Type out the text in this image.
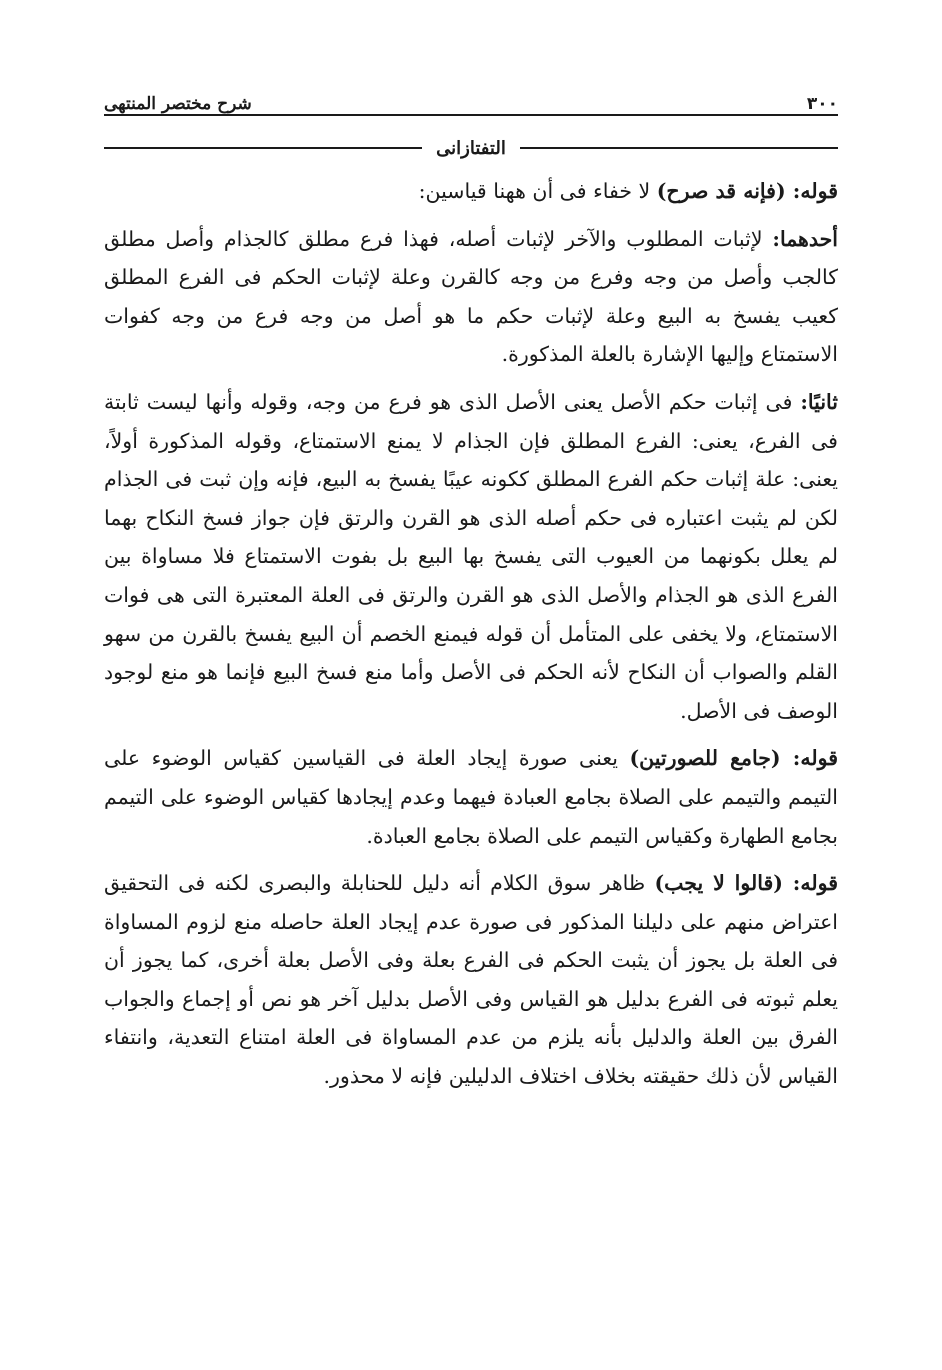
٣٠٠
شرح مختصر المنتهى
التفتازانى

قوله: (فإنه قد صرح) لا خفاء فى أن ههنا قياسين:

أحدهما: لإثبات المطلوب والآخر لإثبات أصله، فهذا فرع مطلق كالجذام وأصل مطلق كالجب وأصل من وجه وفرع من وجه كالقرن وعلة لإثبات الحكم فى الفرع المطلق كعيب يفسخ به البيع وعلة لإثبات حكم ما هو أصل من وجه فرع من وجه كفوات الاستمتاع وإليها الإشارة بالعلة المذكورة.

ثانيًا: فى إثبات حكم الأصل يعنى الأصل الذى هو فرع من وجه، وقوله وأنها ليست ثابتة فى الفرع، يعنى: الفرع المطلق فإن الجذام لا يمنع الاستمتاع، وقوله المذكورة أولاً، يعنى: علة إثبات حكم الفرع المطلق ككونه عيبًا يفسخ به البيع، فإنه وإن ثبت فى الجذام لكن لم يثبت اعتباره فى حكم أصله الذى هو القرن والرتق فإن جواز فسخ النكاح بهما لم يعلل بكونهما من العيوب التى يفسخ بها البيع بل بفوت الاستمتاع فلا مساواة بين الفرع الذى هو الجذام والأصل الذى هو القرن والرتق فى العلة المعتبرة التى هى فوات الاستمتاع، ولا يخفى على المتأمل أن قوله فيمنع الخصم أن البيع يفسخ بالقرن من سهو القلم والصواب أن النكاح لأنه الحكم فى الأصل وأما منع فسخ البيع فإنما هو منع لوجود الوصف فى الأصل.

قوله: (جامع للصورتين) يعنى صورة إيجاد العلة فى القياسين كقياس الوضوء على التيمم والتيمم على الصلاة بجامع العبادة فيهما وعدم إيجادها كقياس الوضوء على التيمم بجامع الطهارة وكقياس التيمم على الصلاة بجامع العبادة.

قوله: (قالوا لا يجب) ظاهر سوق الكلام أنه دليل للحنابلة والبصرى لكنه فى التحقيق اعتراض منهم على دليلنا المذكور فى صورة عدم إيجاد العلة حاصله منع لزوم المساواة فى العلة بل يجوز أن يثبت الحكم فى الفرع بعلة وفى الأصل بعلة أخرى، كما يجوز أن يعلم ثبوته فى الفرع بدليل هو القياس وفى الأصل بدليل آخر هو نص أو إجماع والجواب الفرق بين العلة والدليل بأنه يلزم من عدم المساواة فى العلة امتناع التعدية، وانتفاء القياس لأن ذلك حقيقته بخلاف اختلاف الدليلين فإنه لا محذور.
